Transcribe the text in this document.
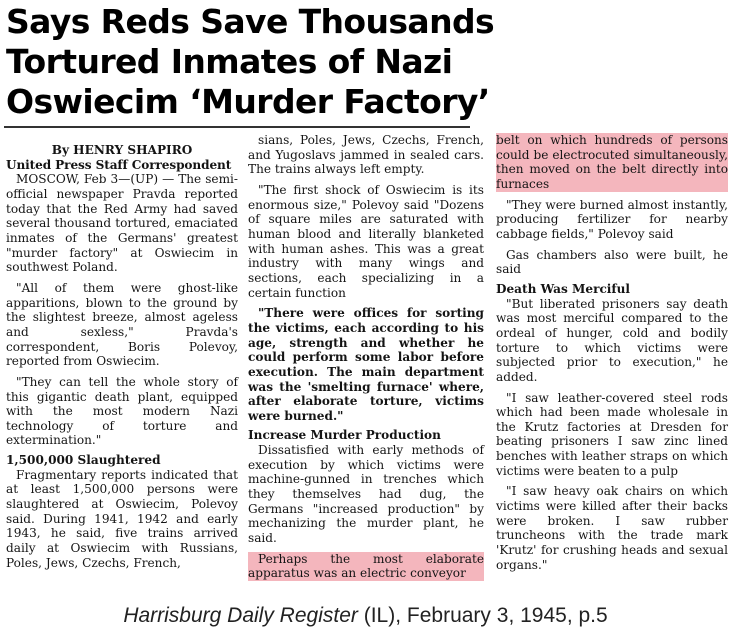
Says Reds Save Thousands
Tortured Inmates of Nazi
Oswiecim ‘Murder Factory’

By HENRY SHAPIRO

United Press Staff Correspondent

MOSCOW, Feb 3—(UP) — The semi-official newspaper Pravda reported today that the Red Army had saved several thousand tortured, emaciated inmates of the Germans' greatest "murder factory" at Oswiecim in southwest Poland.

"All of them were ghost-like apparitions, blown to the ground by the slightest breeze, almost ageless and sexless," Pravda's correspondent, Boris Polevoy, reported from Oswiecim.

"They can tell the whole story of this gigantic death plant, equipped with the most modern Nazi technology of torture and extermination."

1,500,000 Slaughtered

Fragmentary reports indicated that at least 1,500,000 persons were slaughtered at Oswiecim, Polevoy said. During 1941, 1942 and early 1943, he said, five trains arrived daily at Oswiecim with Russians, Poles, Jews, Czechs, French,

sians, Poles, Jews, Czechs, French, and Yugoslavs jammed in sealed cars. The trains always left empty.

"The first shock of Oswiecim is its enormous size," Polevoy said "Dozens of square miles are saturated with human blood and literally blanketed with human ashes. This was a great industry with many wings and sections, each specializing in a certain function

"There were offices for sorting the victims, each according to his age, strength and whether he could perform some labor before execution. The main department was the 'smelting furnace' where, after elaborate torture, victims were burned."

Increase Murder Production

Dissatisfied with early methods of execution by which victims were machine-gunned in trenches which they themselves had dug, the Germans "increased production" by mechanizing the murder plant, he said.

Perhaps the most elaborate apparatus was an electric conveyor

belt on which hundreds of persons could be electrocuted simultaneously, then moved on the belt directly into furnaces

"They were burned almost instantly, producing fertilizer for nearby cabbage fields," Polevoy said

Gas chambers also were built, he said

Death Was Merciful

"But liberated prisoners say death was most merciful compared to the ordeal of hunger, cold and bodily torture to which victims were subjected prior to execution," he added.

"I saw leather-covered steel rods which had been made wholesale in the Krutz factories at Dresden for beating prisoners I saw zinc lined benches with leather straps on which victims were beaten to a pulp

"I saw heavy oak chairs on which victims were killed after their backs were broken. I saw rubber truncheons with the trade mark 'Krutz' for crushing heads and sexual organs."

Harrisburg Daily Register (IL), February 3, 1945, p.5
